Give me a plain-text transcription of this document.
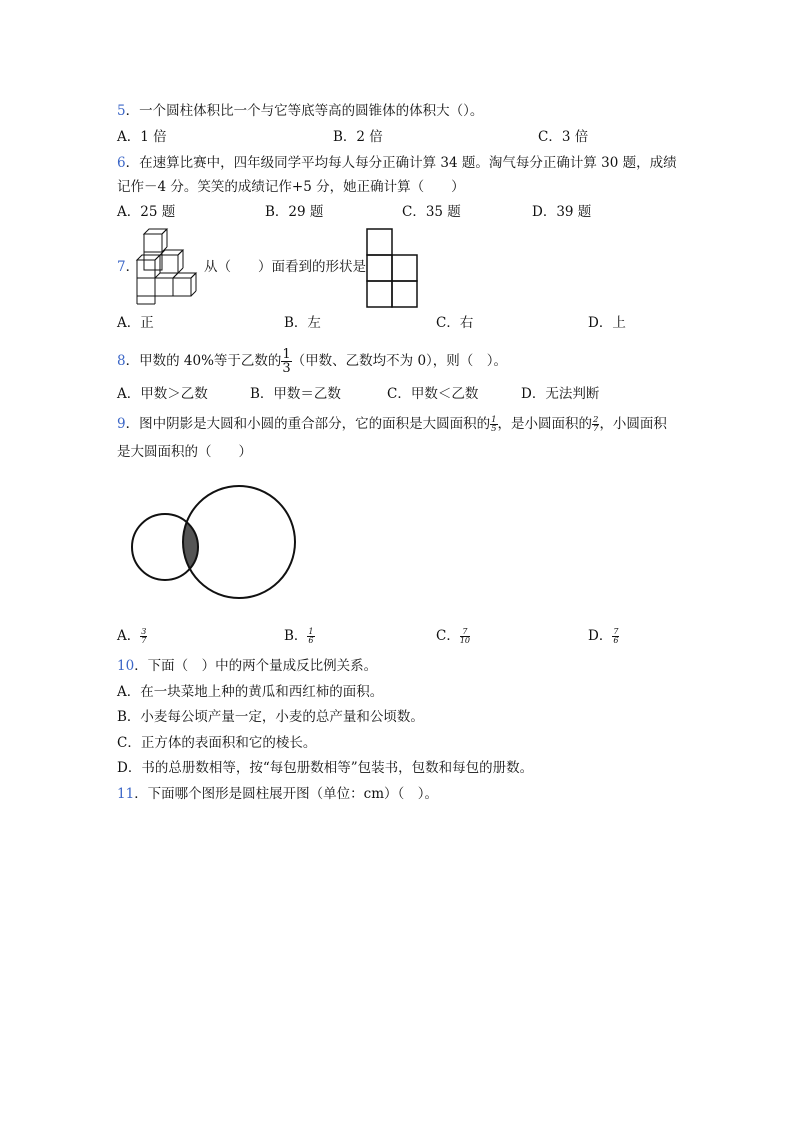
5．一个圆柱体积比一个与它等底等高的圆锥体的体积大（）。
A．1 倍	B．2 倍	C．3 倍
6．在速算比赛中，四年级同学平均每人每分正确计算 34 题。淘气每分正确计算 30 题，成绩
记作－4 分。笑笑的成绩记作+5 分，她正确计算（　　）
A．25 题	B．29 题	C．35 题	D．39 题
7．	从（　　）面看到的形状是
A．正	B．左	C．右	D．上
8．甲数的 40%等于乙数的 $\frac{1}{3}$ （甲数、乙数均不为 0），则（　）。
A．甲数＞乙数	B．甲数＝乙数	C．甲数＜乙数	D．无法判断
9．图中阴影是大圆和小圆的重合部分，它的面积是大圆面积的 $\frac{1}{5}$ ，是小圆面积的 $\frac{2}{7}$ ，小圆面积
是大圆面积的（　　）
A． $\frac{3}{7}$	B． $\frac{1}{6}$	C． $\frac{7}{10}$	D． $\frac{7}{6}$
10．下面（　）中的两个量成反比例关系。
A．在一块菜地上种的黄瓜和西红柿的面积。
B．小麦每公顷产量一定，小麦的总产量和公顷数。
C．正方体的表面积和它的棱长。
D．书的总册数相等，按“每包册数相等”包装书，包数和每包的册数。
11．下面哪个图形是圆柱展开图（单位：cm）（　）。
